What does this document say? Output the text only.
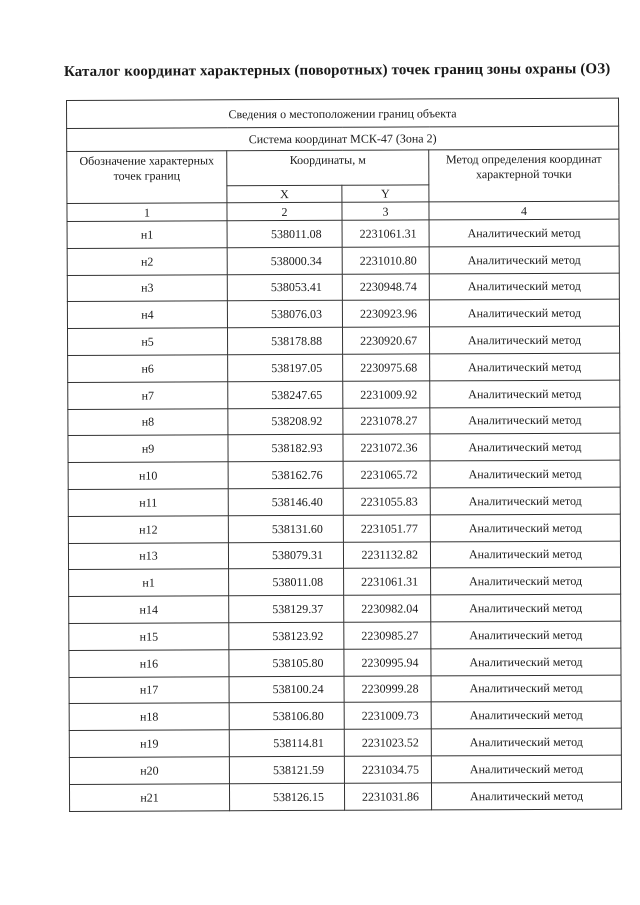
Каталог координат характерных (поворотных) точек границ зоны охраны (ОЗ)
Сведения о местоположении границ объекта			
Система координат МСК-47 (Зона 2)			
Обозначение характерных точек границ	Координаты, м		Метод определения координат характерной точки
	X	Y	
1	2	3	4
н1	538011.08	2231061.31	Аналитический метод
н2	538000.34	2231010.80	Аналитический метод
н3	538053.41	2230948.74	Аналитический метод
н4	538076.03	2230923.96	Аналитический метод
н5	538178.88	2230920.67	Аналитический метод
н6	538197.05	2230975.68	Аналитический метод
н7	538247.65	2231009.92	Аналитический метод
н8	538208.92	2231078.27	Аналитический метод
н9	538182.93	2231072.36	Аналитический метод
н10	538162.76	2231065.72	Аналитический метод
н11	538146.40	2231055.83	Аналитический метод
н12	538131.60	2231051.77	Аналитический метод
н13	538079.31	2231132.82	Аналитический метод
н1	538011.08	2231061.31	Аналитический метод
н14	538129.37	2230982.04	Аналитический метод
н15	538123.92	2230985.27	Аналитический метод
н16	538105.80	2230995.94	Аналитический метод
н17	538100.24	2230999.28	Аналитический метод
н18	538106.80	2231009.73	Аналитический метод
н19	538114.81	2231023.52	Аналитический метод
н20	538121.59	2231034.75	Аналитический метод
н21	538126.15	2231031.86	Аналитический метод
